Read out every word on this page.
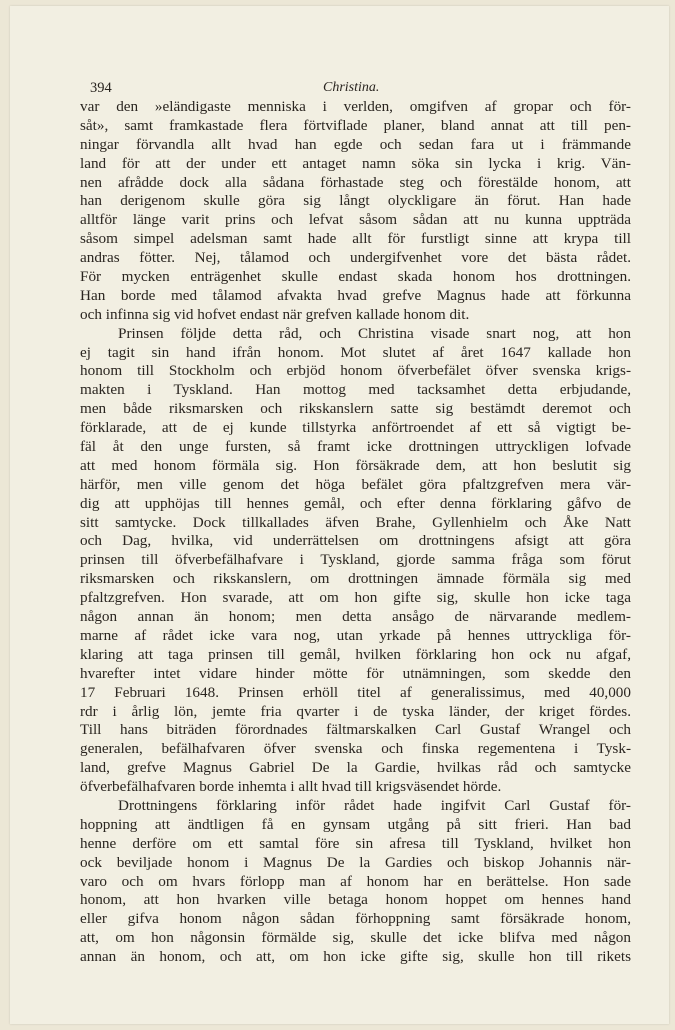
394	Christina.
var den »eländigaste menniska i verlden, omgifven af gropar och för-
såt», samt framkastade flera förtviflade planer, bland annat att till pen-
ningar förvandla allt hvad han egde och sedan fara ut i främmande
land för att der under ett antaget namn söka sin lycka i krig. Vän-
nen afrådde dock alla sådana förhastade steg och förestälde honom, att
han derigenom skulle göra sig långt olyckligare än förut. Han hade
alltför länge varit prins och lefvat såsom sådan att nu kunna uppträda
såsom simpel adelsman samt hade allt för furstligt sinne att krypa till
andras fötter. Nej, tålamod och undergifvenhet vore det bästa rådet.
För mycken enträgenhet skulle endast skada honom hos drottningen.
Han borde med tålamod afvakta hvad grefve Magnus hade att förkunna
och infinna sig vid hofvet endast när grefven kallade honom dit.
Prinsen följde detta råd, och Christina visade snart nog, att hon
ej tagit sin hand ifrån honom. Mot slutet af året 1647 kallade hon
honom till Stockholm och erbjöd honom öfverbefälet öfver svenska krigs-
makten i Tyskland. Han mottog med tacksamhet detta erbjudande,
men både riksmarsken och rikskanslern satte sig bestämdt deremot och
förklarade, att de ej kunde tillstyrka anförtroendet af ett så vigtigt be-
fäl åt den unge fursten, så framt icke drottningen uttryckligen lofvade
att med honom förmäla sig. Hon försäkrade dem, att hon beslutit sig
härför, men ville genom det höga befälet göra pfaltzgrefven mera vär-
dig att upphöjas till hennes gemål, och efter denna förklaring gåfvo de
sitt samtycke. Dock tillkallades äfven Brahe, Gyllenhielm och Åke Natt
och Dag, hvilka, vid underrättelsen om drottningens afsigt att göra
prinsen till öfverbefälhafvare i Tyskland, gjorde samma fråga som förut
riksmarsken och rikskanslern, om drottningen ämnade förmäla sig med
pfaltzgrefven. Hon svarade, att om hon gifte sig, skulle hon icke taga
någon annan än honom; men detta ansågo de närvarande medlem-
marne af rådet icke vara nog, utan yrkade på hennes uttryckliga för-
klaring att taga prinsen till gemål, hvilken förklaring hon ock nu afgaf,
hvarefter intet vidare hinder mötte för utnämningen, som skedde den
17 Februari 1648. Prinsen erhöll titel af generalissimus, med 40,000
rdr i årlig lön, jemte fria qvarter i de tyska länder, der kriget fördes.
Till hans biträden förordnades fältmarskalken Carl Gustaf Wrangel och
generalen, befälhafvaren öfver svenska och finska regementena i Tysk-
land, grefve Magnus Gabriel De la Gardie, hvilkas råd och samtycke
öfverbefälhafvaren borde inhemta i allt hvad till krigsväsendet hörde.
Drottningens förklaring inför rådet hade ingifvit Carl Gustaf för-
hoppning att ändtligen få en gynsam utgång på sitt frieri. Han bad
henne derföre om ett samtal före sin afresa till Tyskland, hvilket hon
ock beviljade honom i Magnus De la Gardies och biskop Johannis när-
varo och om hvars förlopp man af honom har en berättelse. Hon sade
honom, att hon hvarken ville betaga honom hoppet om hennes hand
eller gifva honom någon sådan förhoppning samt försäkrade honom,
att, om hon någonsin förmälde sig, skulle det icke blifva med någon
annan än honom, och att, om hon icke gifte sig, skulle hon till rikets
